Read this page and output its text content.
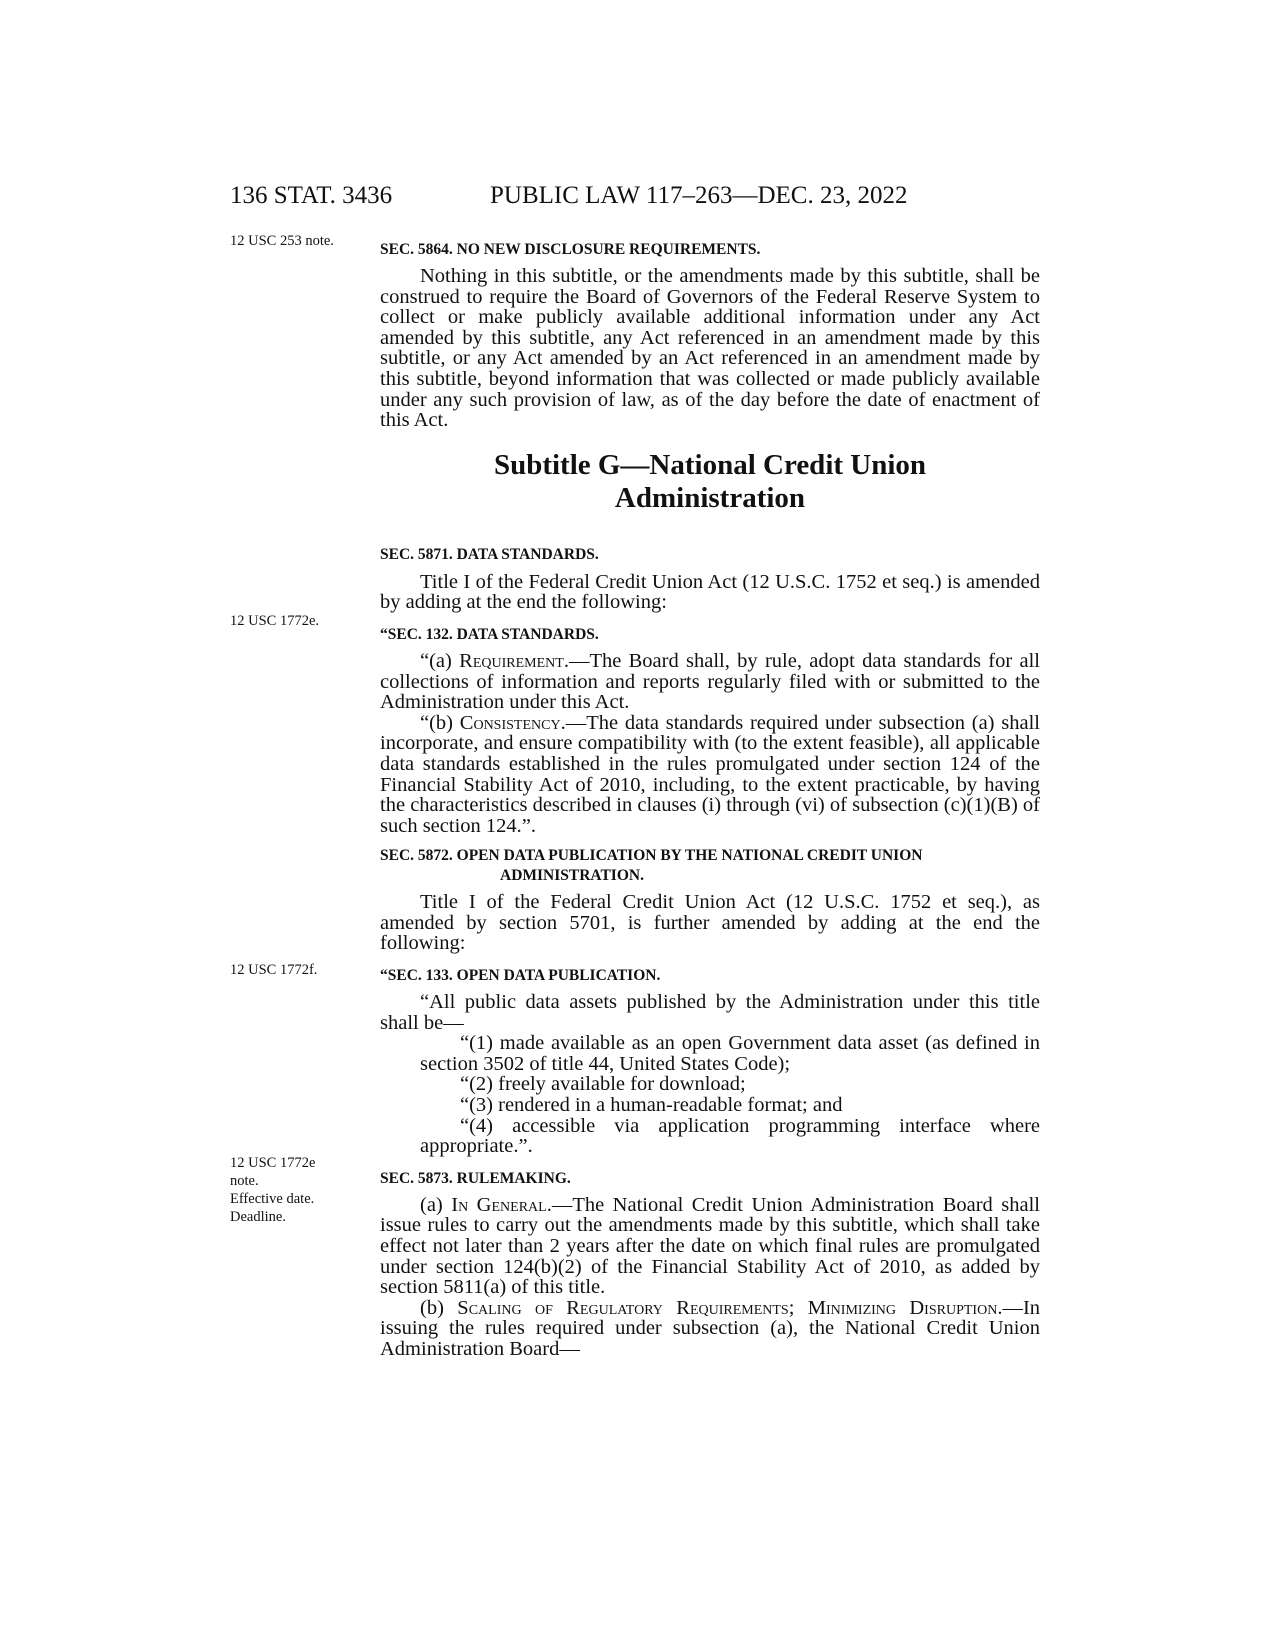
136 STAT. 3436	PUBLIC LAW 117–263—DEC. 23, 2022
12 USC 253 note.
12 USC 1772e.
12 USC 1772f.
12 USC 1772e
note.
Effective date.
Deadline.

SEC. 5864. NO NEW DISCLOSURE REQUIREMENTS.

Nothing in this subtitle, or the amendments made by this subtitle, shall be construed to require the Board of Governors of the Federal Reserve System to collect or make publicly available additional information under any Act amended by this subtitle, any Act referenced in an amendment made by this subtitle, or any Act amended by an Act referenced in an amendment made by this subtitle, beyond information that was collected or made publicly available under any such provision of law, as of the day before the date of enactment of this Act.

Subtitle G—National Credit Union

Administration

SEC. 5871. DATA STANDARDS.

Title I of the Federal Credit Union Act (12 U.S.C. 1752 et seq.) is amended by adding at the end the following:

“SEC. 132. DATA STANDARDS.

“(a) Requirement.—The Board shall, by rule, adopt data standards for all collections of information and reports regularly filed with or submitted to the Administration under this Act.

“(b) Consistency.—The data standards required under subsection (a) shall incorporate, and ensure compatibility with (to the extent feasible), all applicable data standards established in the rules promulgated under section 124 of the Financial Stability Act of 2010, including, to the extent practicable, by having the characteristics described in clauses (i) through (vi) of subsection (c)(1)(B) of such section 124.”.

SEC. 5872. OPEN DATA PUBLICATION BY THE NATIONAL CREDIT UNION ADMINISTRATION.

Title I of the Federal Credit Union Act (12 U.S.C. 1752 et seq.), as amended by section 5701, is further amended by adding at the end the following:

“SEC. 133. OPEN DATA PUBLICATION.

“All public data assets published by the Administration under this title shall be—

“(1) made available as an open Government data asset (as defined in section 3502 of title 44, United States Code);

“(2) freely available for download;

“(3) rendered in a human-readable format; and

“(4) accessible via application programming interface where appropriate.”.

SEC. 5873. RULEMAKING.

(a) In General.—The National Credit Union Administration Board shall issue rules to carry out the amendments made by this subtitle, which shall take effect not later than 2 years after the date on which final rules are promulgated under section 124(b)(2) of the Financial Stability Act of 2010, as added by section 5811(a) of this title.

(b) Scaling of Regulatory Requirements; Minimizing Disruption.—In issuing the rules required under subsection (a), the National Credit Union Administration Board—
